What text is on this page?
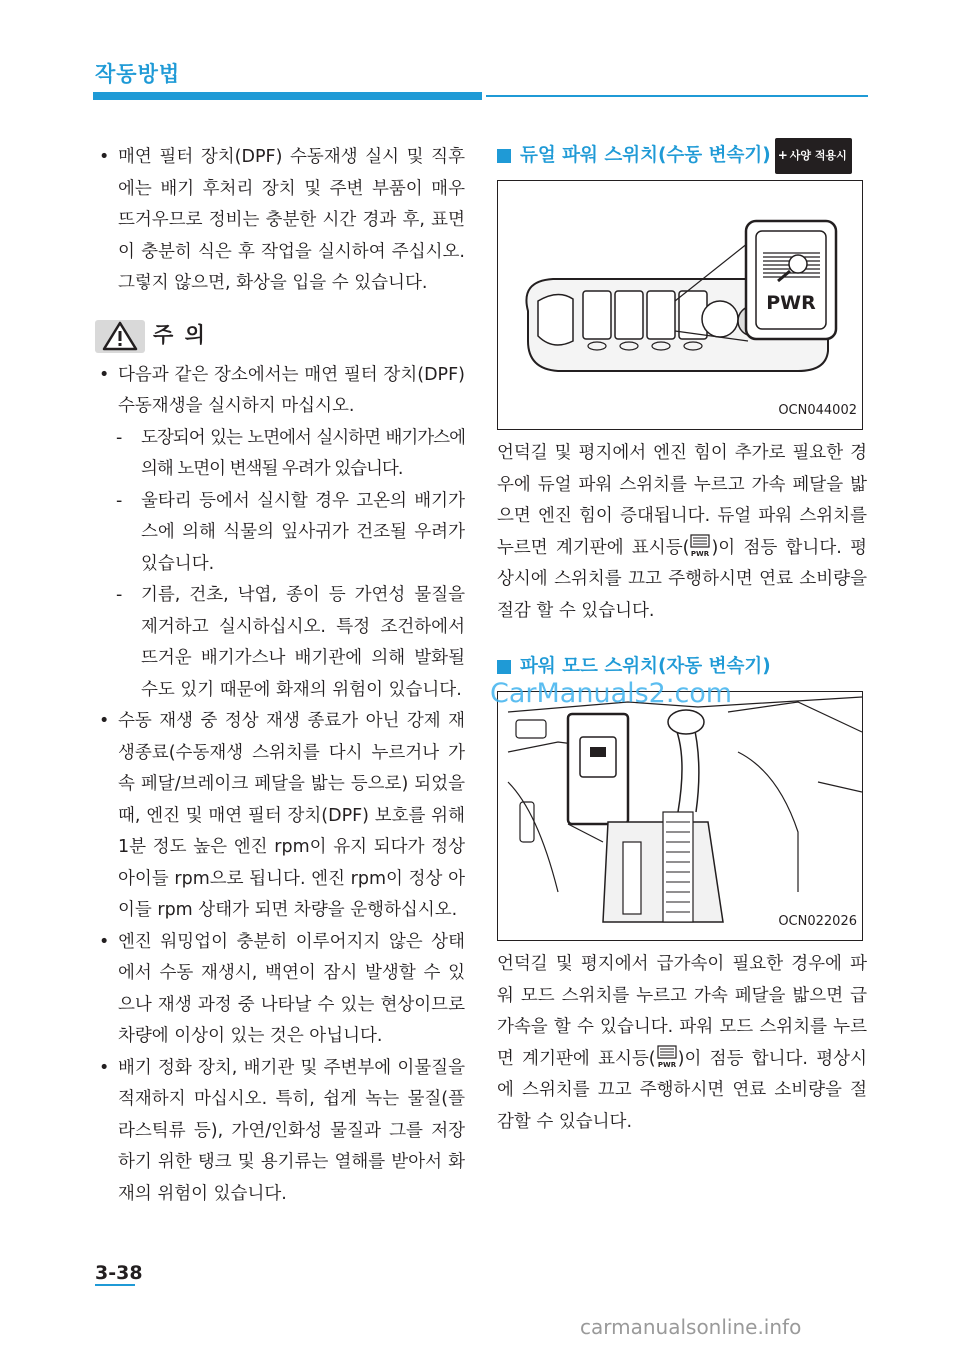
작동방법
• 매연 필터 장치(DPF) 수동재생 실시 및 직후에는 배기 후처리 장치 및 주변 부품이 매우 뜨거우므로 정비는 충분한 시간 경과 후, 표면이 충분히 식은 후 작업을 실시하여 주십시오. 그렇지 않으면, 화상을 입을 수 있습니다.
주 의
• 다음과 같은 장소에서는 매연 필터 장치(DPF) 수동재생을 실시하지 마십시오.
- 도장되어 있는 노면에서 실시하면 배기가스에 의해 노면이 변색될 우려가 있습니다.
- 울타리 등에서 실시할 경우 고온의 배기가스에 의해 식물의 잎사귀가 건조될 우려가 있습니다.
- 기름, 건초, 낙엽, 종이 등 가연성 물질을 제거하고 실시하십시오. 특정 조건하에서 뜨거운 배기가스나 배기관에 의해 발화될 수도 있기 때문에 화재의 위험이 있습니다.
• 수동 재생 중 정상 재생 종료가 아닌 강제 재생종료(수동재생 스위치를 다시 누르거나 가속 페달/브레이크 페달을 밟는 등으로) 되었을 때, 엔진 및 매연 필터 장치(DPF) 보호를 위해 1분 정도 높은 엔진 rpm이 유지 되다가 정상 아이들 rpm으로 됩니다. 엔진 rpm이 정상 아이들 rpm 상태가 되면 차량을 운행하십시오.
• 엔진 워밍업이 충분히 이루어지지 않은 상태에서 수동 재생시, 백연이 잠시 발생할 수 있으나 재생 과정 중 나타날 수 있는 현상이므로 차량에 이상이 있는 것은 아닙니다.
• 배기 정화 장치, 배기관 및 주변부에 이물질을 적재하지 마십시오. 특히, 쉽게 녹는 물질(플라스틱류 등), 가연/인화성 물질과 그를 저장하기 위한 탱크 및 용기류는 열해를 받아서 화재의 위험이 있습니다.
듀얼 파워 스위치(수동 변속기) + 사양 적용시
PWR
OCN044002
언덕길 및 평지에서 엔진 힘이 추가로 필요한 경우에 듀얼 파워 스위치를 누르고 가속 페달을 밟으면 엔진 힘이 증대됩니다. 듀얼 파워 스위치를 누르면 계기판에 표시등( PWR )이 점등 합니다. 평상시에 스위치를 끄고 주행하시면 연료 소비량을 절감 할 수 있습니다.
파워 모드 스위치(자동 변속기)
OCN022026
언덕길 및 평지에서 급가속이 필요한 경우에 파워 모드 스위치를 누르고 가속 페달을 밟으면 급가속을 할 수 있습니다. 파워 모드 스위치를 누르면 계기판에 표시등( PWR )이 점등 합니다. 평상시에 스위치를 끄고 주행하시면 연료 소비량을 절감할 수 있습니다.
CarManuals2.com
3-38
carmanualsonline.info
